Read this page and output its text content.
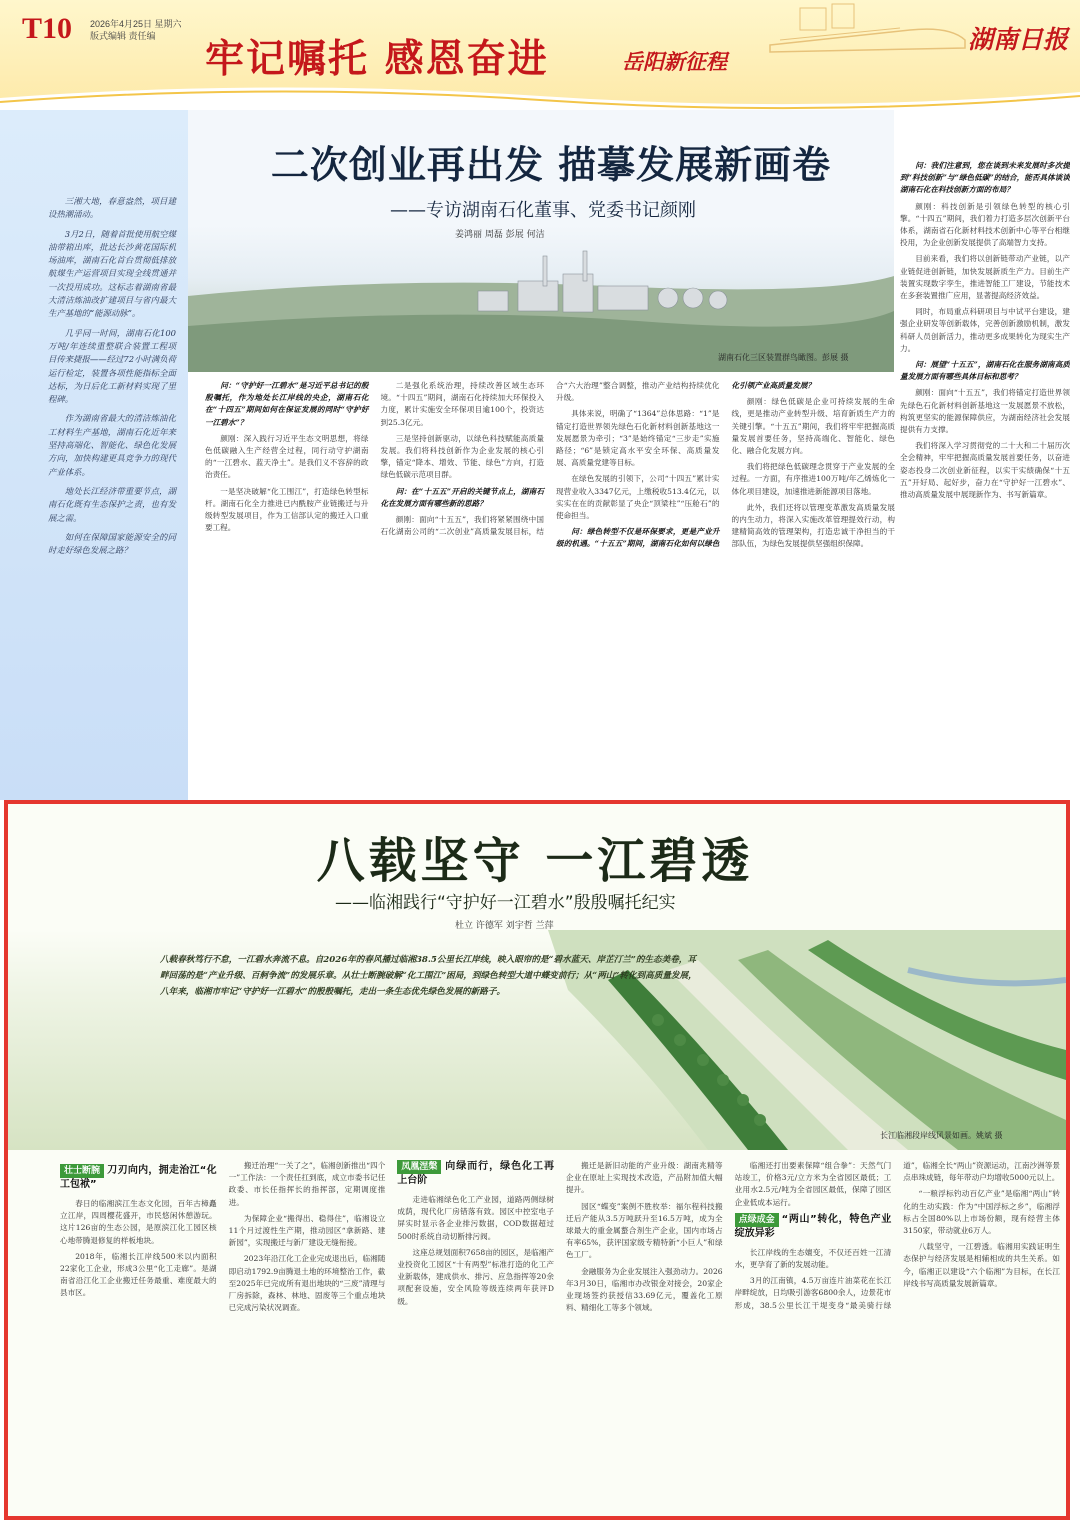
T10 2026年4月25日 星期六
版式编辑 责任编
牢记嘱托 感恩奋进	岳阳新征程
湖南日报

三湘大地，春意盎然，项目建设热潮涌动。

3月2日，随着首批使用航空煤油带箱出库，批达长沙黄花国际机场油库，湖南石化首台贯彻低排放航煤生产运营项目实现全线贯通并一次投用成功。这标志着湖南省最大清洁炼油改扩建项目与省内最大生产基地的“能源动脉”。

几乎同一时间，湖南石化100万吨/年连续重整联合装置工程项目传来捷报——经过72小时满负荷运行检定，装置各项性能指标全面达标，为日后化工新材料实现了里程碑。

作为湖南省最大的清洁炼油化工材料生产基地，湖南石化近年来坚持高端化、智能化、绿色化发展方向，加快构建更具竞争力的现代产业体系。

地处长江经济带重要节点，湖南石化既有生态保护之责，也有发展之需。

如何在保障国家能源安全的同时走好绿色发展之路？

二次创业再出发 描摹发展新画卷
——专访湖南石化董事、党委书记颜刚
姜鸿丽 周磊 彭展 何洁
湖南石化三区装置群鸟瞰图。彭展 摄

问：“守护好一江碧水”是习近平总书记的殷殷嘱托，作为地处长江岸线的央企，湖南石化在“十四五”期间如何在保证发展的同时“守护好一江碧水”？

颜刚：深入践行习近平生态文明思想，将绿色低碳融入生产经营全过程，同行动守护湖南的“一江碧水、蓝天净土”。是我们义不容辞的政治责任。

一是坚决破解“化工围江”，打造绿色转型标杆。湖南石化全力推进已内酰胺产业链搬迁与升级转型发展项目，作为工信部认定的搬迁入口重要工程。

二是强化系统治理，持续改善区域生态环境。“十四五”期间，湖南石化持续加大环保投入力度，累计实施安全环保项目逾100个，投资达到25.3亿元。

三是坚持创新驱动，以绿色科技赋能高质量发展。我们将科技创新作为企业发展的核心引擎，锚定“降本、增效、节能、绿色”方向，打造绿色低碳示范项目群。

问：在“十五五”开启的关键节点上，湖南石化在发展方面有哪些新的思路？

颜刚：面向“十五五”，我们将紧紧围绕中国石化湖南公司的“二次创业”高质量发展目标，结合“六大治理”整合调整，推动产业结构持续优化升级。

具体来说，明确了“1364”总体思路：“1”是锚定打造世界领先绿色石化新材料创新基地这一发展愿景为牵引；“3”是始终锚定“三步走”实施路径；“6”是锁定高水平安全环保、高质量发展、高质量党建等目标。

在绿色发展的引领下，公司“十四五”累计实现营业收入3347亿元，上缴税收513.4亿元，以实实在在的贡献彰显了央企“顶梁柱”“压舱石”的使命担当。

问：绿色转型不仅是环保要求，更是产业升级的机遇。“十五五”期间，湖南石化如何以绿色化引领产业高质量发展？

颜刚：绿色低碳是企业可持续发展的生命线，更是推动产业转型升级、培育新质生产力的关键引擎。“十五五”期间，我们将牢牢把握高质量发展首要任务，坚持高端化、智能化、绿色化、融合化发展方向。

我们将把绿色低碳理念贯穿于产业发展的全过程。一方面，有序推进100万吨/年乙烯炼化一体化项目建设，加速推进新能源项目落地。

此外，我们还将以管理变革激发高质量发展的内生动力，将深入实施改革管理提效行动，构建精简高效的管理架构，打造忠诚干净担当的干部队伍，为绿色发展提供坚强组织保障。

问：我们注意到，您在谈到未来发展时多次提到“科技创新”与“绿色低碳”的结合，能否具体谈谈湖南石化在科技创新方面的布局？

颜刚：科技创新是引领绿色转型的核心引擎。“十四五”期间，我们着力打造多层次创新平台体系，湖南省石化新材料技术创新中心等平台相继投用，为企业创新发展提供了高端智力支持。

目前来看，我们将以创新链带动产业链，以产业链促进创新链，加快发展新质生产力。目前生产装置实现数字孪生，推进智能工厂建设，节能技术在多套装置推广应用，显著提高经济效益。

同时，布局重点科研项目与中试平台建设，建强企业研发等创新载体，完善创新激励机制，激发科研人员创新活力，推动更多成果转化为现实生产力。

问：展望“十五五”，湖南石化在服务湖南高质量发展方面有哪些具体目标和思考？

颜刚：面向“十五五”，我们将锚定打造世界领先绿色石化新材料创新基地这一发展愿景不放松，构筑更坚实的能源保障供应，为湖南经济社会发展提供有力支撑。

我们将深入学习贯彻党的二十大和二十届历次全会精神，牢牢把握高质量发展首要任务，以奋进姿态投身二次创业新征程，以实干实绩确保“十五五”开好局、起好步，奋力在“守护好一江碧水”、推动高质量发展中展现新作为、书写新篇章。

八载坚守 一江碧透
——临湘践行“守护好一江碧水”殷殷嘱托纪实
杜立 许德军 刘宇哲 兰萍
八载春秋笃行不怠，一江碧水奔流不息。自2026年的春风播过临湘38.5公里长江岸线，映入眼帘的是“碧水蓝天、岸芷汀兰”的生态美卷，耳畔回荡的是“产业升级、百舸争流”的发展乐章。从壮士断腕破解“化工围江”困局，到绿色转型大道中蝶变前行；从“两山”转化到高质量发展，八年来，临湘市牢记“守护好一江碧水”的殷殷嘱托，走出一条生态优先绿色发展的新路子。
长江临湘段岸线风景如画。姚斌 摄
壮士断腕 刀刃向内，拥走治江“化工包袱”

春日的临湘滨江生态文化园，百年古樟矗立江岸，四周樱花盛开，市民悠闲休憩游玩。这片126亩的生态公园，是原滨江化工园区核心地带腾退修复的样板地块。

2018年，临湘长江岸线500米以内面积22家化工企业，形成3公里“化工走廊”。是湖南省沿江化工企业搬迁任务最重、难度最大的县市区。

搬迁治理“一关了之”，临湘创新推出“四个一”工作法：一个责任扛到底，成立市委书记任政委、市长任指挥长的指挥部，定期调度推进。

为保障企业“搬得出、稳得住”，临湘设立11个月过渡性生产期，推动园区“拿新路、建新园”，实现搬迁与新厂建设无缝衔接。

2023年沿江化工企业完成退出后，临湘随即启动1792.9亩腾退土地的环境整治工作，截至2025年已完成所有退出地块的“三废”清理与厂房拆除，森林、林地、固废等三个重点地块已完成污染状况调查。

凤凰涅槃 向绿而行，绿色化工再上台阶

走进临湘绿色化工产业园，道路两侧绿树成荫，现代化厂房错落有致。园区中控室电子屏实时显示各企业排污数据，COD数据超过500时系统自动切断排污阀。

这座总规划面积7658亩的园区，是临湘产业投资化工园区“十有两型”标准打造的化工产业新载体，建成供水、排污、应急指挥等20余项配套设施，安全风险等级连续两年获评D级。

搬迁是新旧动能的产业升级：湖南兆精等企业在原址上实现技术改造，产品附加值大幅提升。

园区“蝶变”案例不胜枚举：福尔程科技搬迁后产能从3.5万吨跃升至16.5万吨，成为全球最大的重金属螯合剂生产企业，国内市场占有率65%，获评国家级专精特新“小巨人”和绿色工厂。

金融服务为企业发展注入强劲动力。2026年3月30日，临湘市办改银金对接会，20家企业现场签约获授信33.69亿元，覆盖化工原料、精细化工等多个领域。

临湘还打出要素保障“组合拳”：天然气门站竣工，价格3元/立方米为全省园区最低；工业用水2.5元/吨为全省园区最低，保障了园区企业低成本运行。

点绿成金 “两山”转化，特色产业绽放异彩

长江岸线的生态嬗变，不仅还百姓一江清水，更孕育了新的发展动能。

3月的江南镇，4.5万亩连片油菜花在长江岸畔绽放，日均吸引游客6800余人，边景花市形成，38.5公里长江干堤变身“最美骑行绿道”，临湘全长“两山”资源运动，江南沙洲等景点串珠成链，每年带动户均增收5000元以上。

“一粮浮标钓动百亿产业”是临湘“两山”转化的生动实践：作为“中国浮标之乡”，临湘浮标占全国80%以上市场份额，现有经营主体3150家，带动就业6万人。

八载坚守，一江碧透。临湘用实践证明生态保护与经济发展是相辅相成的共生关系。如今，临湘正以建设“六个临湘”为目标，在长江岸线书写高质量发展新篇章。
